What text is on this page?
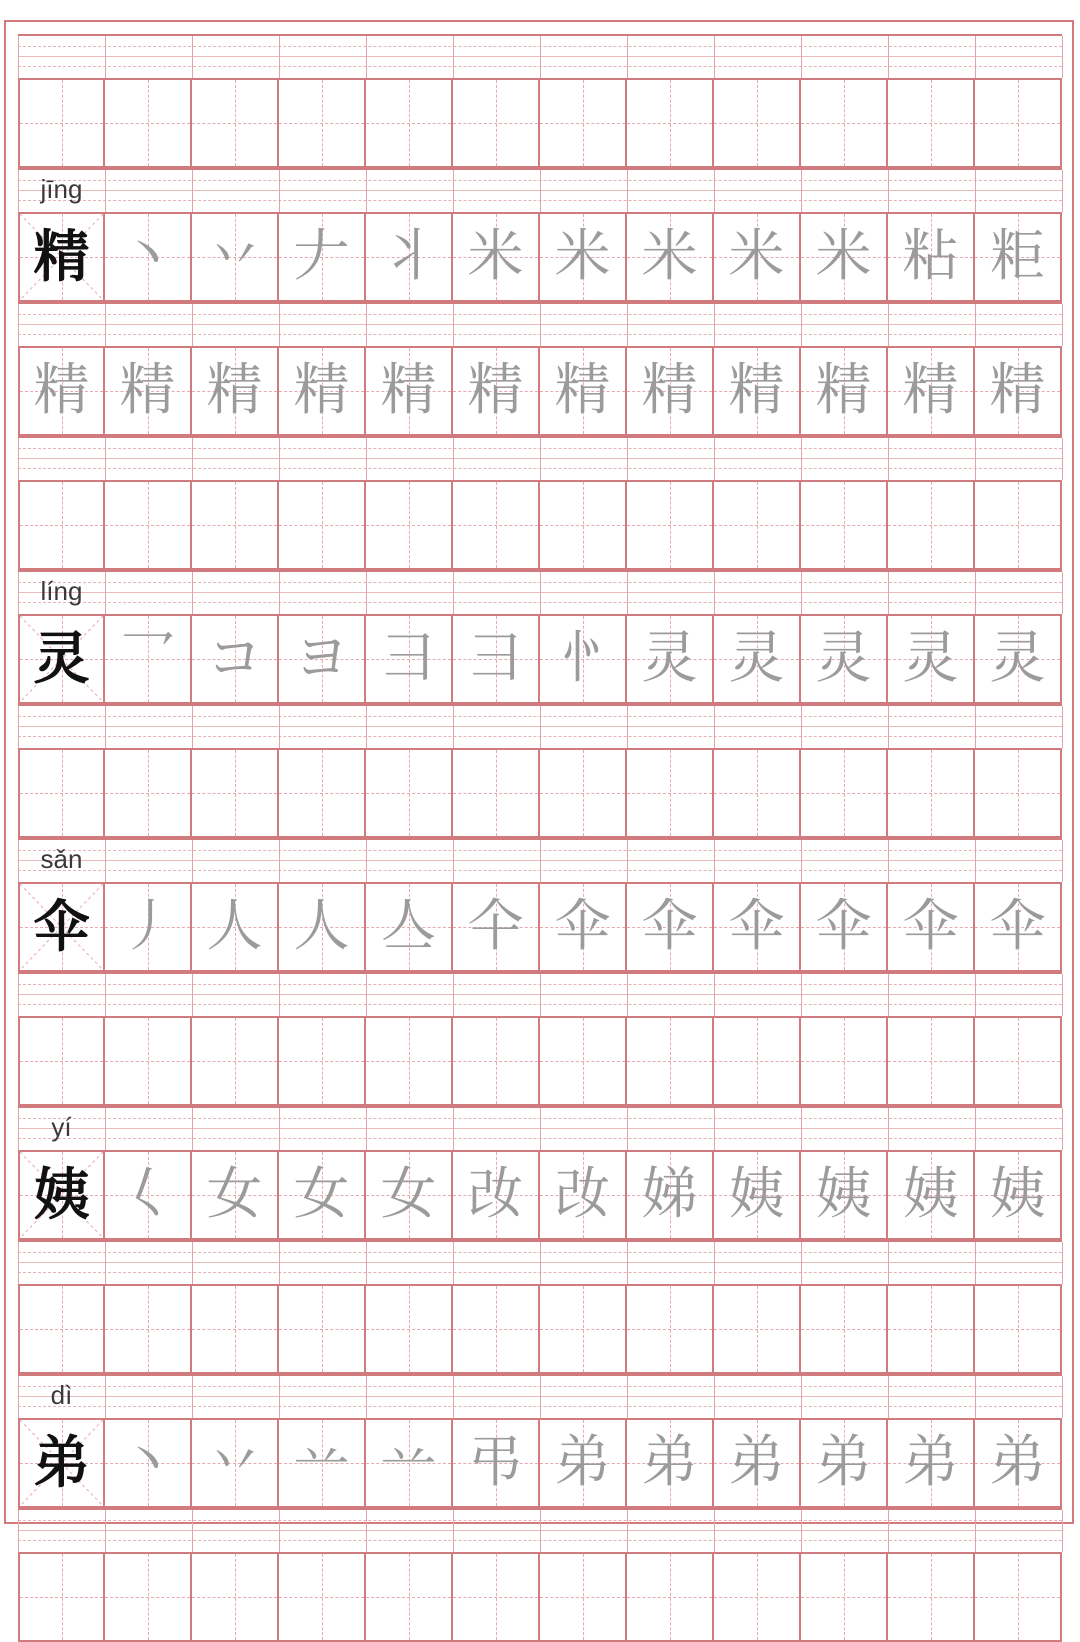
jīng
精 丶 丷 𠂇 丬 米 米 米 米 米 粘 粔
精 精 精 精 精 精 精 精 精 精 精 精
líng
灵 乛 コ ヨ 彐 彐 㣺 灵 灵 灵 灵 灵
sǎn
伞 丿 人 人 亼 仐 伞 伞 伞 伞 伞 伞
yí
姨 𡿨 女 女 女 妀 妀 娣 姨 姨 姨 姨
dì
弟 丶 丷 䒑 䒑 弔 弟 弟 弟 弟 弟 弟
